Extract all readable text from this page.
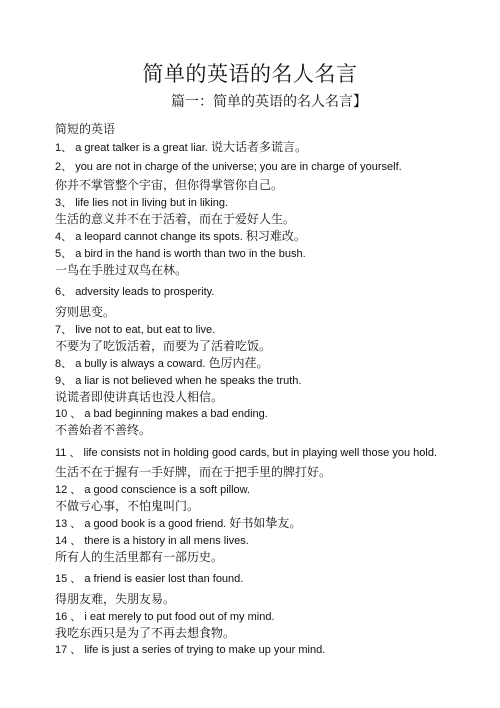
简单的英语的名人名言
篇一：简单的英语的名人名言】

简短的英语

1、 a great talker is a great liar. 说大话者多谎言。

2、 you are not in charge of the universe; you are in charge of yourself.

你并不掌管整个宇宙，但你得掌管你自己。

3、 life lies not in living but in liking.

生活的意义并不在于活着，而在于爱好人生。

4、 a leopard cannot change its spots. 积习难改。

5、 a bird in the hand is worth than two in the bush.

一鸟在手胜过双鸟在林。

6、 adversity leads to prosperity.

穷则思变。

7、 live not to eat, but eat to live.

不要为了吃饭活着，而要为了活着吃饭。

8、 a bully is always a coward. 色厉内荏。

9、 a liar is not believed when he speaks the truth.

说谎者即使讲真话也没人相信。

10 、 a bad beginning makes a bad ending.

不善始者不善终。

11 、 life consists not in holding good cards, but in playing well those you hold.

生活不在于握有一手好牌，而在于把手里的牌打好。

12 、 a good conscience is a soft pillow.

不做亏心事，不怕鬼叫门。

13 、 a good book is a good friend. 好书如挚友。

14 、 there is a history in all mens lives.

所有人的生活里都有一部历史。

15 、 a friend is easier lost than found.

得朋友难，失朋友易。

16 、 i eat merely to put food out of my mind.

我吃东西只是为了不再去想食物。

17 、 life is just a series of trying to make up your mind.
